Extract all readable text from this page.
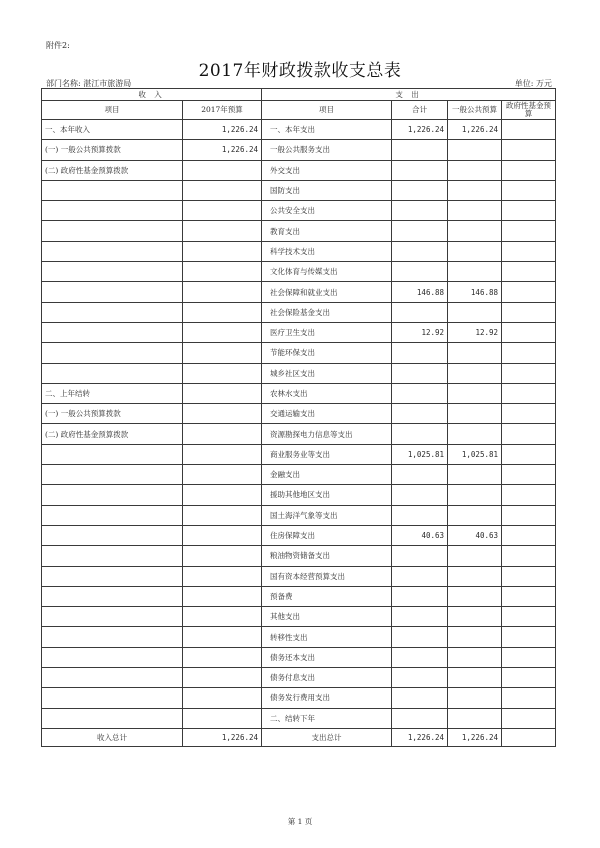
附件2:
2017年财政拨款收支总表
部门名称: 湛江市旅游局	单位: 万元
收 入		支 出			
项目	2017年预算	项目	合计	一般公共预算	政府性基金预算
一、本年收入	1,226.24	一、本年支出	1,226.24	1,226.24	
(一) 一般公共预算拨款	1,226.24	一般公共服务支出			
(二) 政府性基金预算拨款		外交支出			
		国防支出			
		公共安全支出			
		教育支出			
		科学技术支出			
		文化体育与传媒支出			
		社会保障和就业支出	146.88	146.88	
		社会保险基金支出			
		医疗卫生支出	12.92	12.92	
		节能环保支出			
		城乡社区支出			
二、上年结转		农林水支出			
(一) 一般公共预算拨款		交通运输支出			
(二) 政府性基金预算拨款		资源勘探电力信息等支出			
		商业服务业等支出	1,025.81	1,025.81	
		金融支出			
		援助其他地区支出			
		国土海洋气象等支出			
		住房保障支出	40.63	40.63	
		粮油物资储备支出			
		国有资本经营预算支出			
		预备费			
		其他支出			
		转移性支出			
		债务还本支出			
		债务付息支出			
		债务发行费用支出			
		二、结转下年			
收入总计	1,226.24	支出总计	1,226.24	1,226.24	
第 1 页
